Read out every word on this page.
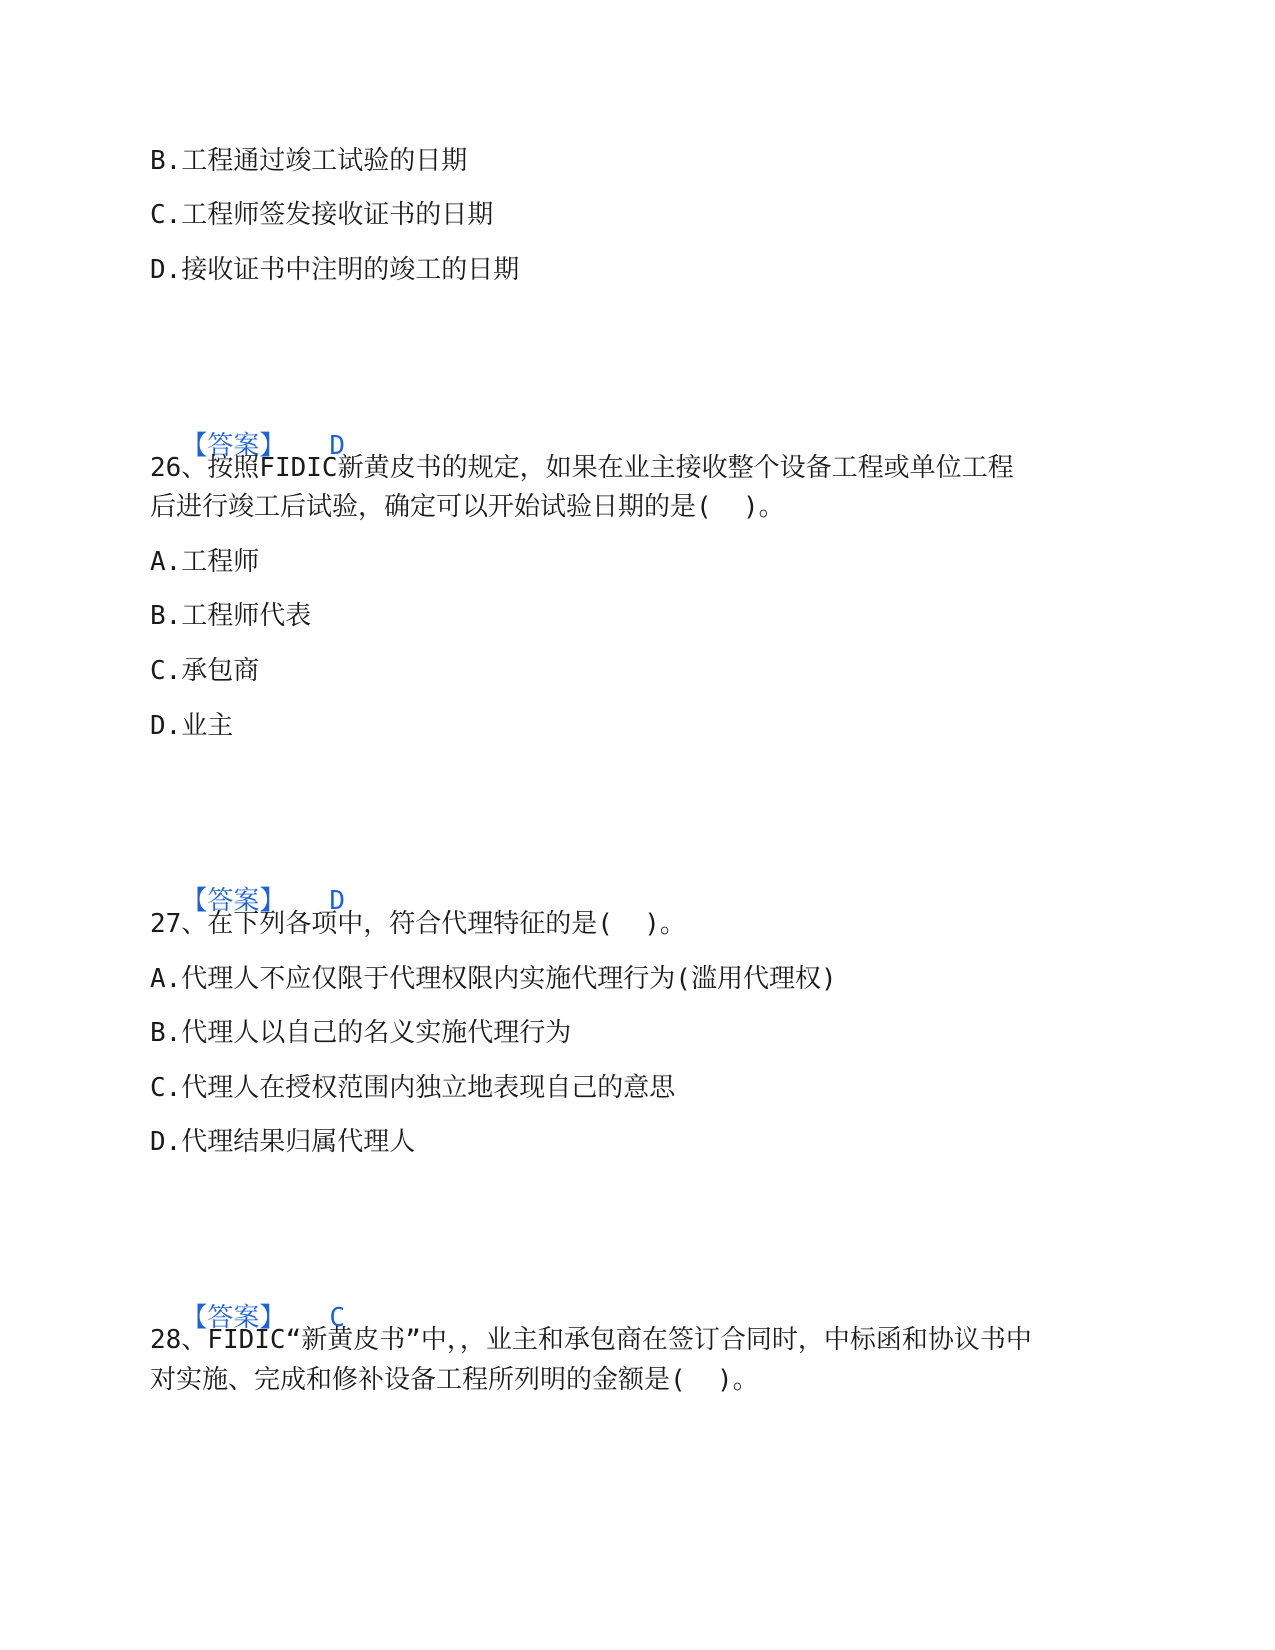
B.工程通过竣工试验的日期
C.工程师签发接收证书的日期
D.接收证书中注明的竣工的日期

【答案】 D

26、按照FIDIC新黄皮书的规定，如果在业主接收整个设备工程或单位工程
后进行竣工后试验，确定可以开始试验日期的是(  )。
A.工程师
B.工程师代表
C.承包商
D.业主

【答案】 D

27、在下列各项中，符合代理特征的是(  )。
A.代理人不应仅限于代理权限内实施代理行为(滥用代理权)
B.代理人以自己的名义实施代理行为
C.代理人在授权范围内独立地表现自己的意思
D.代理结果归属代理人

【答案】 C

28、FIDIC“新黄皮书”中，，业主和承包商在签订合同时，中标函和协议书中
对实施、完成和修补设备工程所列明的金额是(  )。
